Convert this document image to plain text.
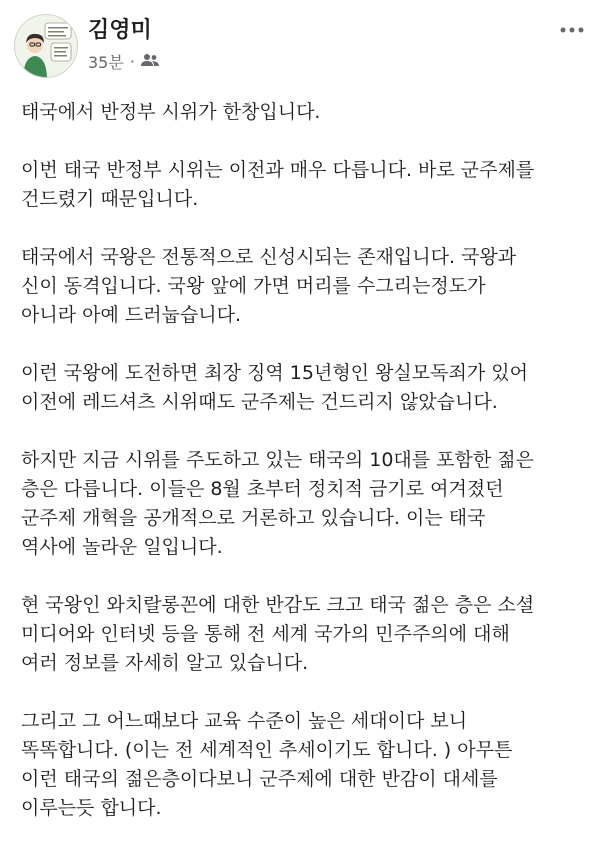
김영미
35분 ·

태국에서 반정부 시위가 한창입니다.

이번 태국 반정부 시위는 이전과 매우 다릅니다. 바로 군주제를
건드렸기 때문입니다.

태국에서 국왕은 전통적으로 신성시되는 존재입니다. 국왕과
신이 동격입니다. 국왕 앞에 가면 머리를 수그리는정도가
아니라 아예 드러눕습니다.

이런 국왕에 도전하면 최장 징역 15년형인 왕실모독죄가 있어
이전에 레드셔츠 시위때도 군주제는 건드리지 않았습니다.

하지만 지금 시위를 주도하고 있는 태국의 10대를 포함한 젊은
층은 다릅니다. 이들은 8월 초부터 정치적 금기로 여겨졌던
군주제 개혁을 공개적으로 거론하고 있습니다. 이는 태국
역사에 놀라운 일입니다.

현 국왕인 와치랄롱꼰에 대한 반감도 크고 태국 젊은 층은 소셜
미디어와 인터넷 등을 통해 전 세계 국가의 민주주의에 대해
여러 정보를 자세히 알고 있습니다.

그리고 그 어느때보다 교육 수준이 높은 세대이다 보니
똑똑합니다. (이는 전 세계적인 추세이기도 합니다. ) 아무튼
이런 태국의 젊은층이다보니 군주제에 대한 반감이 대세를
이루는듯 합니다.
